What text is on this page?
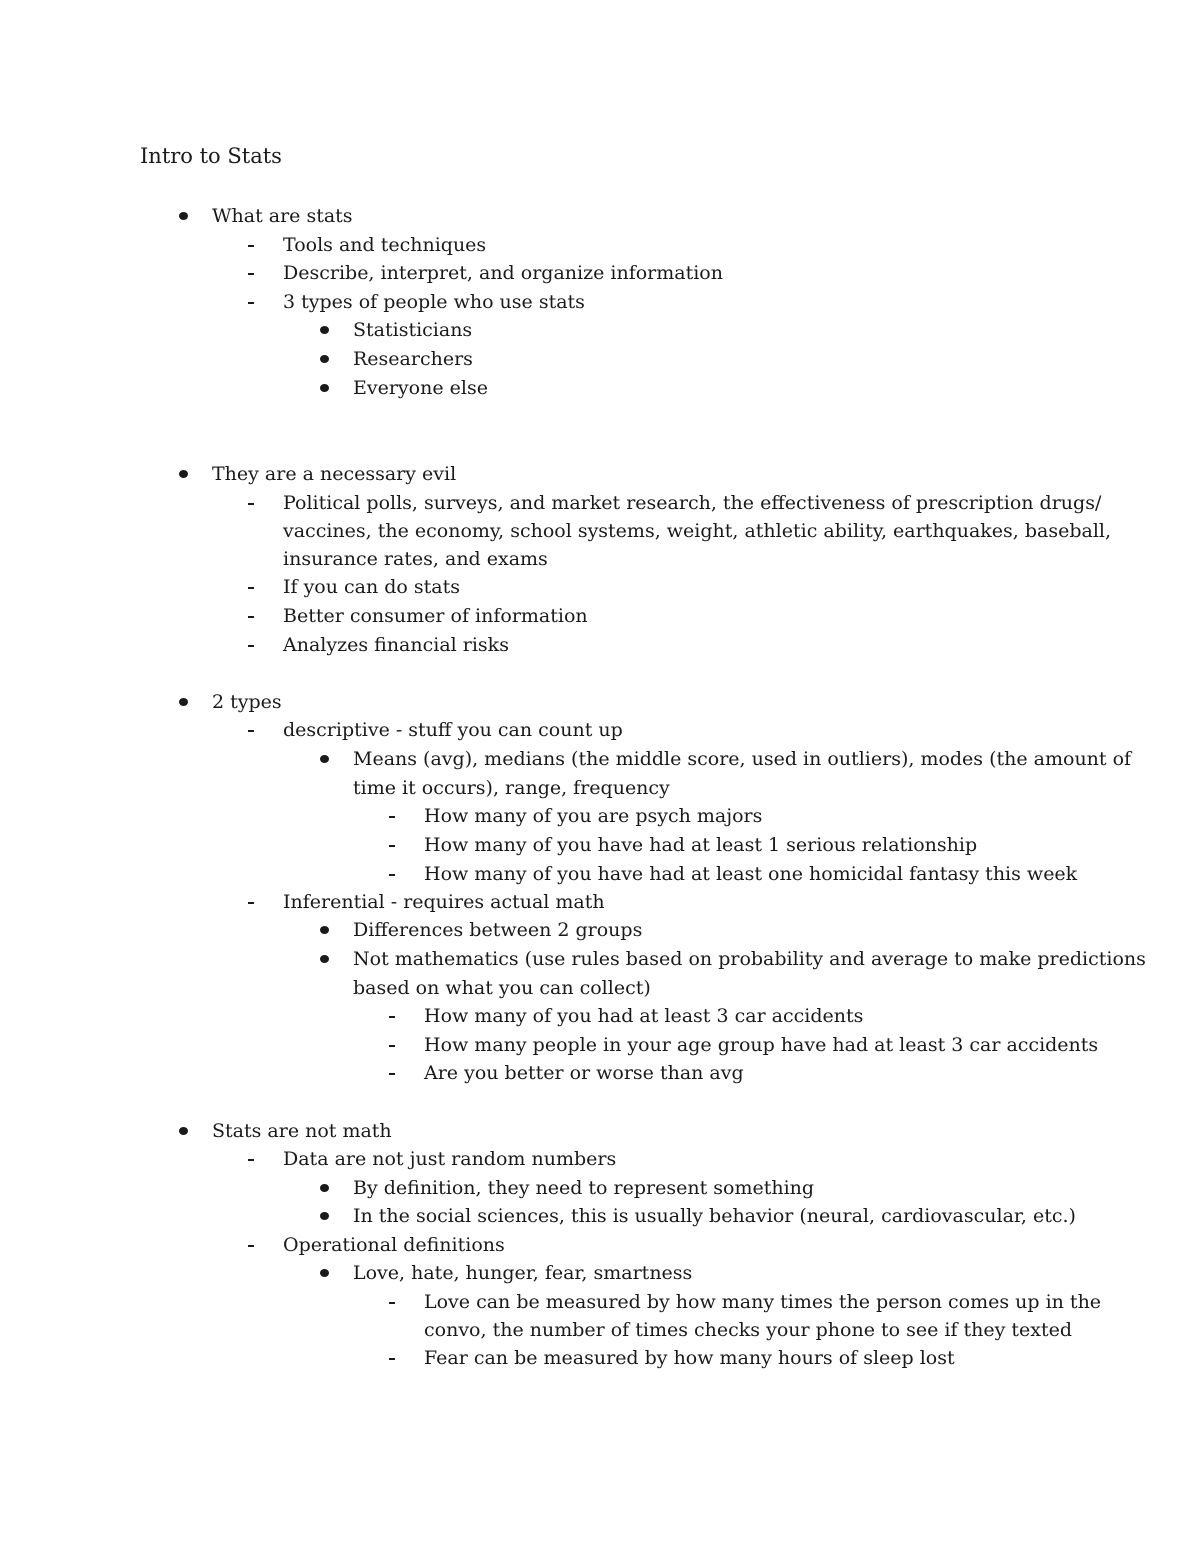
Intro to Stats
What are stats
Tools and techniques
Describe, interpret, and organize information
3 types of people who use stats
Statisticians
Researchers
Everyone else
They are a necessary evil
Political polls, surveys, and market research, the effectiveness of prescription drugs/
vaccines, the economy, school systems, weight, athletic ability, earthquakes, baseball,
insurance rates, and exams
If you can do stats
Better consumer of information
Analyzes financial risks
2 types
descriptive - stuff you can count up
Means (avg), medians (the middle score, used in outliers), modes (the amount of
time it occurs), range, frequency
How many of you are psych majors
How many of you have had at least 1 serious relationship
How many of you have had at least one homicidal fantasy this week
Inferential - requires actual math
Differences between 2 groups
Not mathematics (use rules based on probability and average to make predictions
based on what you can collect)
How many of you had at least 3 car accidents
How many people in your age group have had at least 3 car accidents
Are you better or worse than avg
Stats are not math
Data are not just random numbers
By definition, they need to represent something
In the social sciences, this is usually behavior (neural, cardiovascular, etc.)
Operational definitions
Love, hate, hunger, fear, smartness
Love can be measured by how many times the person comes up in the
convo, the number of times checks your phone to see if they texted
Fear can be measured by how many hours of sleep lost
